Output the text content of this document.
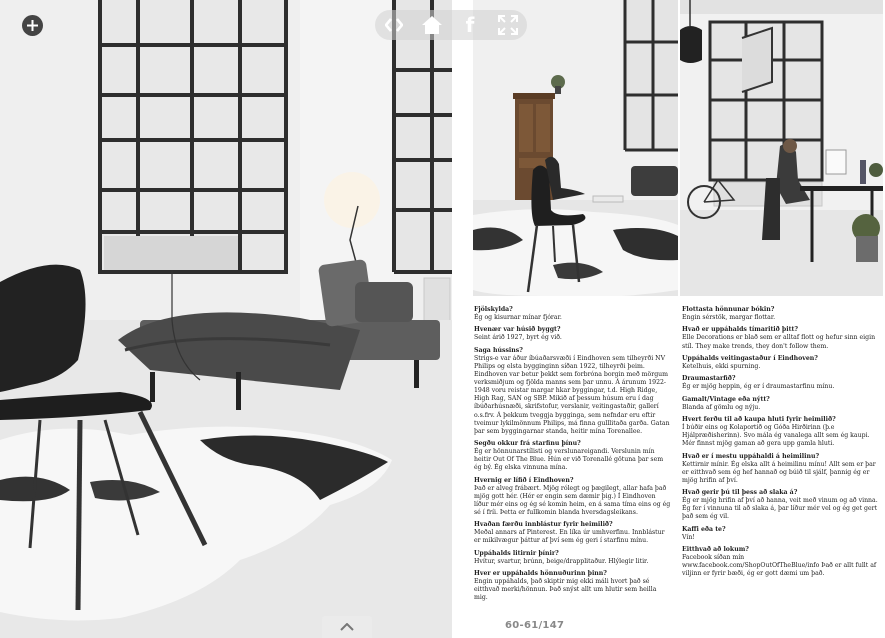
f
Fjölskylda?
Ég og kisurnar mínar fjórar.
Hvenær var húsið byggt?
Seint árið 1927, byrt ég við.
Saga hússins?
Strigs-e var áður íbúaðarsvæði í Eindhoven sem tilheyrði NV Philips og elsta bygginginn síðan 1922, tilheyrði þeim. Eindhoven var betur þekkt sem forbróna borgin með mörgum verksmiðjum og fjölda manns sem þar unnu. Á árunum 1922-1948 voru reistar margar hkar byggingar, t.d. High Ridge, High Rag, SAN og SBP. Mikið af þessum húsum eru í dag íbúðarhúsnæði, skrifstofur, verslanir, veitingastaðir, gallerí o.s.frv. Á þekkum tveggja bygginga, sem nefndar eru eftir tveimur lykilmönnum Philips, má finna gulllitaða garða. Gatan þar sem byggingarnar standa, heitir mína Torenallee.
Segðu okkur frá starfinu þínu?
Ég er hönnunarstílisti og verslunareigandi. Verslunin mín heitir Out Of The Blue. Hún er við Torenallé götuna þar sem ég bý. Ég elska vinnuna mína.
Hvernig er lífið í Eindhoven?
Það er alveg frábært. Mjög rólegt og þægilegt, allar hafa það mjög gott hér. (Hér er engin sem dæmir þig.) Í Eindhoven líður mér eins og ég sé komin heim, en á sama tíma eins og ég sé í fríi. Þetta er fullkomin blanda hversdagsleikans.
Hvaðan færðu innblástur fyrir heimilið?
Meðal annars af Pinterest. En líka úr umhverfinu. Innblástur er mikilvægur þáttur af því sem ég geri í starfinu mínu.
Uppáhalds litirnir þínir?
Hvítur, svartur, brúnn, beige/drapplitaður. Hlýlegir litir.
Hver er uppáhalds hönnuðurinn þinn?
Engin uppáhalds, það skiptir mig ekki máli hvort það sé eitthvað merki/hönnun. Það snýst allt um hlutir sem heilla mig.
Flottasta hönnunar bókin?
Engin sérstök, margar flottar.
Hvað er uppáhalds tímaritið þitt?
Elle Decorations er blað sem er alltaf flott og hefur sinn eigin stíl. They make trends, they don't follow them.
Uppáhalds veitingastaður í Eindhoven?
Ketelhuis, ekki spurning.
Draumastarfið?
Ég er mjög heppin, ég er í draumastarfinu mínu.
Gamalt/Vintage eða nýtt?
Blanda af gömlu og nýju.
Hvert ferðu til að kaupa hluti fyrir heimilið?
Í búðir eins og Kolaportið og Góða Hirðirinn (þ.e Hjálpræðisherinn). Svo mála ég vanalega allt sem ég kaupi. Mér finnst mjög gaman að gera upp gamla hluti.
Hvað er í mestu uppáhaldi á heimilinu?
Kettirnir mínir. Ég elska allt á heimilinu mínu! Allt sem er þar er eitthvað sem ég hef hannað og búið til sjálf, þannig ég er mjög hrifin af því.
Hvað gerir þú til þess að slaka á?
Ég er mjög hrifin af því að hanna, veit með vinum og að vinna. Ég fer í vinnuna til að slaka á, þar líður mér vel og ég get gert það sem ég vil.
Kaffi eða te?
Vín!
Eitthvað að lokum?
Facebook síðan mín www.facebook.com/ShopOutOfTheBlue/info Það er allt fullt af viljinn er fyrir bæði, ég er gott dæmi um það.
60-61/147
